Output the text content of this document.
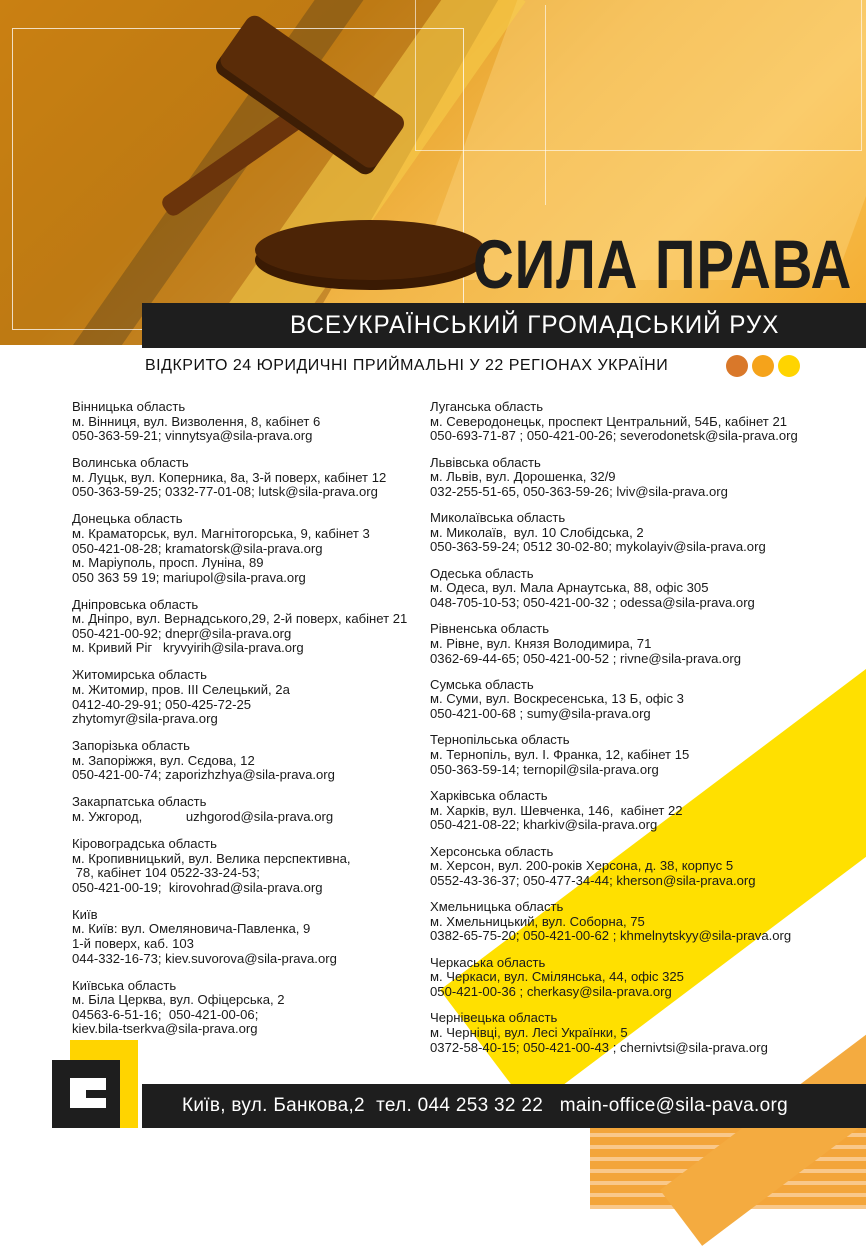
СИЛА ПРАВА
ВСЕУКРАЇНСЬКИЙ ГРОМАДСЬКИЙ РУХ
ВІДКРИТО 24 ЮРИДИЧНІ ПРИЙМАЛЬНІ У 22 РЕГІОНАХ УКРАЇНИ
Вінницька область
м. Вінниця, вул. Визволення, 8, кабінет 6
050-363-59-21; vinnytsya@sila-prava.org
Волинська область
м. Луцьк, вул. Коперника, 8а, 3-й поверх, кабінет 12
050-363-59-25; 0332-77-01-08; lutsk@sila-prava.org
Донецька область
м. Краматорськ, вул. Магнітогорська, 9, кабінет 3
050-421-08-28; kramatorsk@sila-prava.org
м. Маріуполь, просп. Луніна, 89
050 363 59 19; mariupol@sila-prava.org
Дніпровська область
м. Дніпро, вул. Вернадського,29, 2-й поверх, кабінет 21
050-421-00-92; dnepr@sila-prava.org
м. Кривий Ріг   kryvyirih@sila-prava.org
Житомирська область
м. Житомир, пров. ІІІ Селецький, 2а
0412-40-29-91; 050-425-72-25
zhytomyr@sila-prava.org
Запорізька область
м. Запоріжжя, вул. Сєдова, 12
050-421-00-74; zaporizhzhya@sila-prava.org
Закарпатська область
м. Ужгород,            uzhgorod@sila-prava.org
Кіровоградська область
м. Кропивницький, вул. Велика перспективна,
78, кабінет 104 0522-33-24-53;
050-421-00-19;  kirovohrad@sila-prava.org
Київ
м. Київ: вул. Омеляновича-Павленка, 9
1-й поверх, каб. 103
044-332-16-73; kiev.suvorova@sila-prava.org
Київська область
м. Біла Церква, вул. Офіцерська, 2
04563-6-51-16;  050-421-00-06;
kiev.bila-tserkva@sila-prava.org
Луганська область
м. Северодонецьк, проспект Центральний, 54Б, кабінет 21
050-693-71-87 ; 050-421-00-26; severodonetsk@sila-prava.org
Львівська область
м. Львів, вул. Дорошенка, 32/9
032-255-51-65, 050-363-59-26; lviv@sila-prava.org
Миколаївська область
м. Миколаїв,  вул. 10 Слобідська, 2
050-363-59-24; 0512 30-02-80; mykolayiv@sila-prava.org
Одеська область
м. Одеса, вул. Мала Арнаутська, 88, офіс 305
048-705-10-53; 050-421-00-32 ; odessa@sila-prava.org
Рівненська область
м. Рівне, вул. Князя Володимира, 71
0362-69-44-65; 050-421-00-52 ; rivne@sila-prava.org
Сумська область
м. Суми, вул. Воскресенська, 13 Б, офіс 3
050-421-00-68 ; sumy@sila-prava.org
Тернопільська область
м. Тернопіль, вул. І. Франка, 12, кабінет 15
050-363-59-14; ternopil@sila-prava.org
Харківська область
м. Харків, вул. Шевченка, 146,  кабінет 22
050-421-08-22; kharkiv@sila-prava.org
Херсонська область
м. Херсон, вул. 200-років Херсона, д. 38, корпус 5
0552-43-36-37; 050-477-34-44; kherson@sila-prava.org
Хмельницька область
м. Хмельницький, вул. Соборна, 75
0382-65-75-20; 050-421-00-62 ; khmelnytskyy@sila-prava.org
Черкаська область
м. Черкаси, вул. Смілянська, 44, офіс 325
050-421-00-36 ; cherkasy@sila-prava.org
Чернівецька область
м. Чернівці, вул. Лесі Українки, 5
0372-58-40-15; 050-421-00-43 ; chernivtsi@sila-prava.org
Київ, вул. Банкова,2  тел. 044 253 32 22   main-office@sila-pava.org
